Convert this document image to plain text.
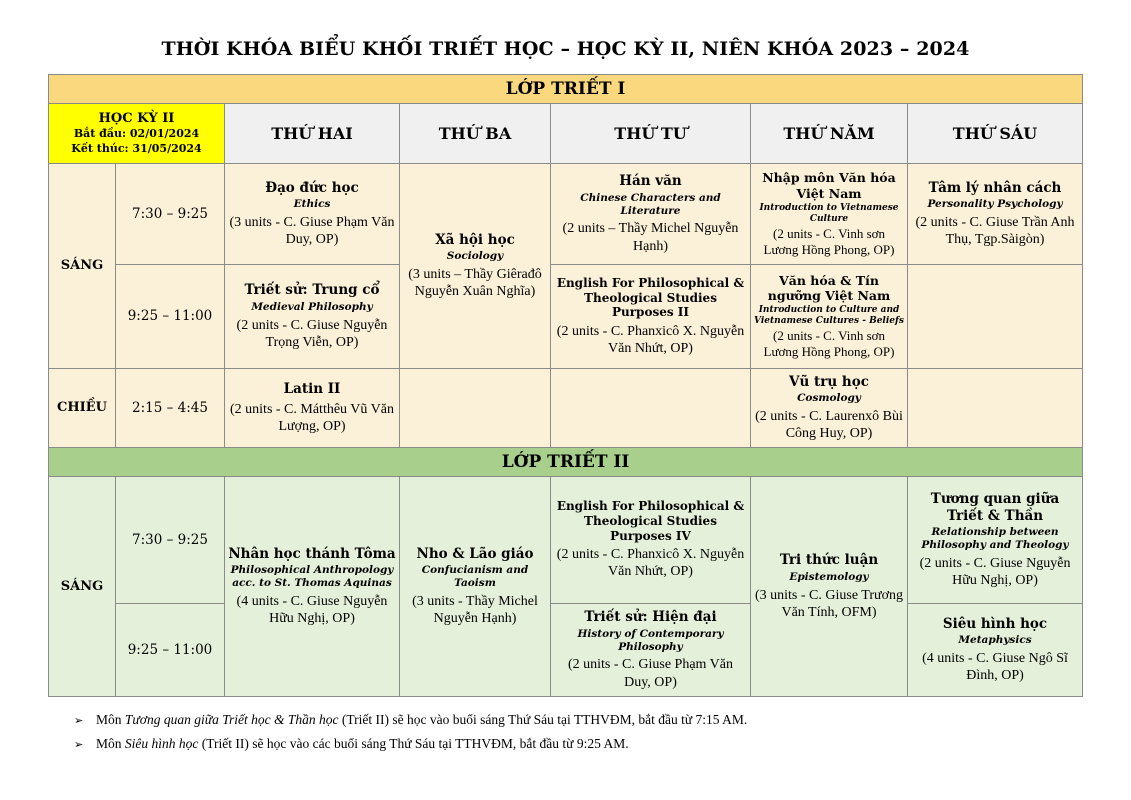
THỜI KHÓA BIỂU KHỐI TRIẾT HỌC – HỌC KỲ II, NIÊN KHÓA 2023 – 2024
LỚP TRIẾT I						
HỌC KỲ II
Bắt đầu: 02/01/2024
Kết thúc: 31/05/2024		THỨ HAI	THỨ BA	THỨ TƯ	THỨ NĂM	THỨ SÁU
SÁNG	7:30 – 9:25	Đạo đức học
Ethics
(3 units - C. Giuse Phạm Văn Duy, OP)	Xã hội học
Sociology
(3 units – Thầy Giêrađô Nguyễn Xuân Nghĩa)	Hán văn
Chinese Characters and Literature
(2 units – Thầy Michel Nguyễn Hạnh)	Nhập môn Văn hóa Việt Nam
Introduction to Vietnamese Culture
(2 units - C. Vinh sơn Lương Hồng Phong, OP)	Tâm lý nhân cách
Personality Psychology
(2 units - C. Giuse Trần Anh Thụ, Tgp.Sàigòn)

	9:25 – 11:00	Triết sử: Trung cổ
Medieval Philosophy
(2 units - C. Giuse Nguyễn Trọng Viễn, OP)		English For Philosophical & Theological Studies Purposes II
(2 units - C. Phanxicô X. Nguyễn Văn Nhứt, OP)	Văn hóa & Tín ngưỡng Việt Nam
Introduction to Culture and Vietnamese Cultures - Beliefs
(2 units - C. Vinh sơn Lương Hồng Phong, OP)	

CHIỀU	2:15 – 4:45	Latin II
(2 units - C. Mátthêu Vũ Văn Lượng, OP)			Vũ trụ học
Cosmology
(2 units - C. Laurenxô Bùi Công Huy, OP)	

LỚP TRIẾT II						
SÁNG	7:30 – 9:25	Nhân học thánh Tôma
Philosophical Anthropology acc. to St. Thomas Aquinas
(4 units - C. Giuse Nguyễn Hữu Nghị, OP)	Nho & Lão giáo
Confucianism and Taoism
(3 units - Thầy Michel Nguyễn Hạnh)	English For Philosophical & Theological Studies Purposes IV
(2 units - C. Phanxicô X. Nguyễn Văn Nhứt, OP)	Tri thức luận
Epistemology
(3 units - C. Giuse Trương Văn Tính, OFM)	Tương quan giữa Triết & Thần
Relationship between Philosophy and Theology
(2 units - C. Giuse Nguyễn Hữu Nghị, OP)

	9:25 – 11:00			Triết sử: Hiện đại
History of Contemporary Philosophy
(2 units - C. Giuse Phạm Văn Duy, OP)		Siêu hình học
Metaphysics
(4 units - C. Giuse Ngô Sĩ Đình, OP)
➢ Môn Tương quan giữa Triết học & Thần học (Triết II) sẽ học vào buổi sáng Thứ Sáu tại TTHVĐM, bắt đầu từ 7:15 AM.
➢ Môn Siêu hình học (Triết II) sẽ học vào các buổi sáng Thứ Sáu tại TTHVĐM, bắt đầu từ 9:25 AM.
